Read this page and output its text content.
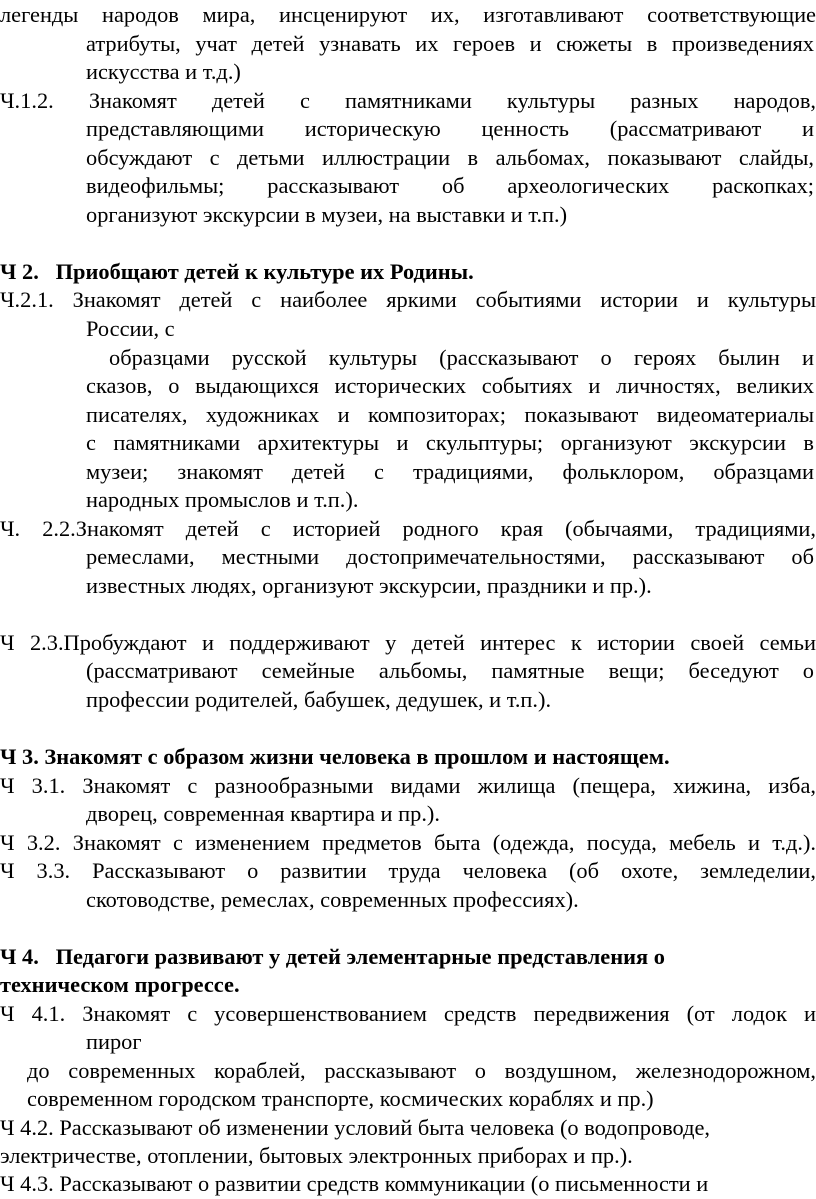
легенды народов мира, инсценируют их, изготавливают соответствующие
атрибуты, учат детей узнавать их героев и сюжеты в произведениях
искусства и т.д.)
Ч.1.2. Знакомят детей с памятниками культуры разных народов,
представляющими историческую ценность (рассматривают и
обсуждают с детьми иллюстрации в альбомах, показывают слайды,
видеофильмы; рассказывают об археологических раскопках;
организуют экскурсии в музеи, на выставки и т.п.)
Ч 2.   Приобщают детей к культуре их Родины.
Ч.2.1. Знакомят детей с наиболее яркими событиями истории и культуры
России, с
образцами русской культуры (рассказывают о героях былин и
сказов, о выдающихся исторических событиях и личностях, великих
писателях, художниках и композиторах; показывают видеоматериалы
с памятниками архитектуры и скульптуры; организуют экскурсии в
музеи; знакомят детей с традициями, фольклором, образцами
народных промыслов и т.п.).
Ч. 2.2.Знакомят детей с историей родного края (обычаями, традициями,
ремеслами, местными достопримечательностями, рассказывают об
известных людях, организуют экскурсии, праздники и пр.).
Ч 2.3.Пробуждают и поддерживают у детей интерес к истории своей семьи
(рассматривают семейные альбомы, памятные вещи; беседуют о
профессии родителей, бабушек, дедушек, и т.п.).
Ч 3. Знакомят с образом жизни человека в прошлом и настоящем.
Ч 3.1. Знакомят с разнообразными видами жилища (пещера, хижина, изба,
дворец, современная квартира и пр.).
Ч 3.2. Знакомят с изменением предметов быта (одежда, посуда, мебель и т.д.).
Ч 3.3. Рассказывают о развитии труда человека (об охоте, земледелии,
скотоводстве, ремеслах, современных профессиях).
Ч 4.   Педагоги развивают у детей элементарные представления о
техническом прогрессе.
Ч 4.1. Знакомят с усовершенствованием средств передвижения (от лодок и
пирог
до современных кораблей, рассказывают о воздушном, железнодорожном,
современном городском транспорте, космических кораблях и пр.)
Ч 4.2. Рассказывают об изменении условий быта человека (о водопроводе,
электричестве, отоплении, бытовых электронных приборах и пр.).
Ч 4.3. Рассказывают о развитии средств коммуникации (о письменности и
